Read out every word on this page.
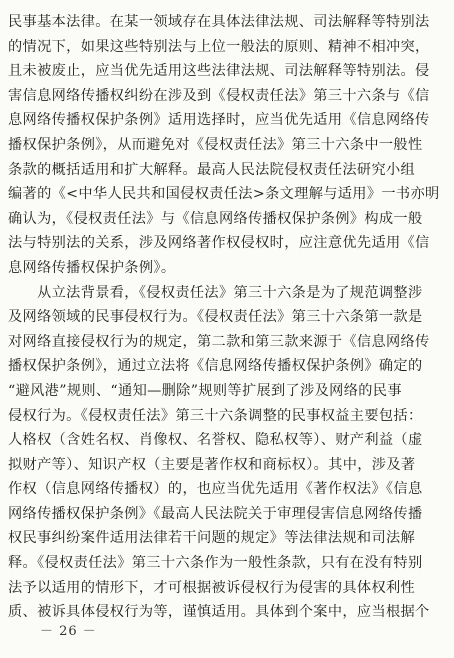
民事基本法律。在某一领域存在具体法律法规、司法解释等特别法
的情况下，如果这些特别法与上位一般法的原则、精神不相冲突，
且未被废止，应当优先适用这些法律法规、司法解释等特别法。侵
害信息网络传播权纠纷在涉及到《侵权责任法》第三十六条与《信
息网络传播权保护条例》适用选择时，应当优先适用《信息网络传
播权保护条例》，从而避免对《侵权责任法》第三十六条中一般性
条款的概括适用和扩大解释。最高人民法院侵权责任法研究小组
编著的《<中华人民共和国侵权责任法>条文理解与适用》一书亦明
确认为，《侵权责任法》与《信息网络传播权保护条例》构成一般
法与特别法的关系，涉及网络著作权侵权时，应注意优先适用《信
息网络传播权保护条例》。
　　从立法背景看，《侵权责任法》第三十六条是为了规范调整涉
及网络领域的民事侵权行为。《侵权责任法》第三十六条第一款是
对网络直接侵权行为的规定，第二款和第三款来源于《信息网络传
播权保护条例》，通过立法将《信息网络传播权保护条例》确定的
“避风港”规则、“通知—删除”规则等扩展到了涉及网络的民事
侵权行为。《侵权责任法》第三十六条调整的民事权益主要包括：
人格权（含姓名权、肖像权、名誉权、隐私权等）、财产利益（虚
拟财产等）、知识产权（主要是著作权和商标权）。其中，涉及著
作权（信息网络传播权）的，也应当优先适用《著作权法》《信息
网络传播权保护条例》《最高人民法院关于审理侵害信息网络传播
权民事纠纷案件适用法律若干问题的规定》等法律法规和司法解
释。《侵权责任法》第三十六条作为一般性条款，只有在没有特别
法予以适用的情形下，才可根据被诉侵权行为侵害的具体权利性
质、被诉具体侵权行为等，谨慎适用。具体到个案中，应当根据个
－ 26 －
